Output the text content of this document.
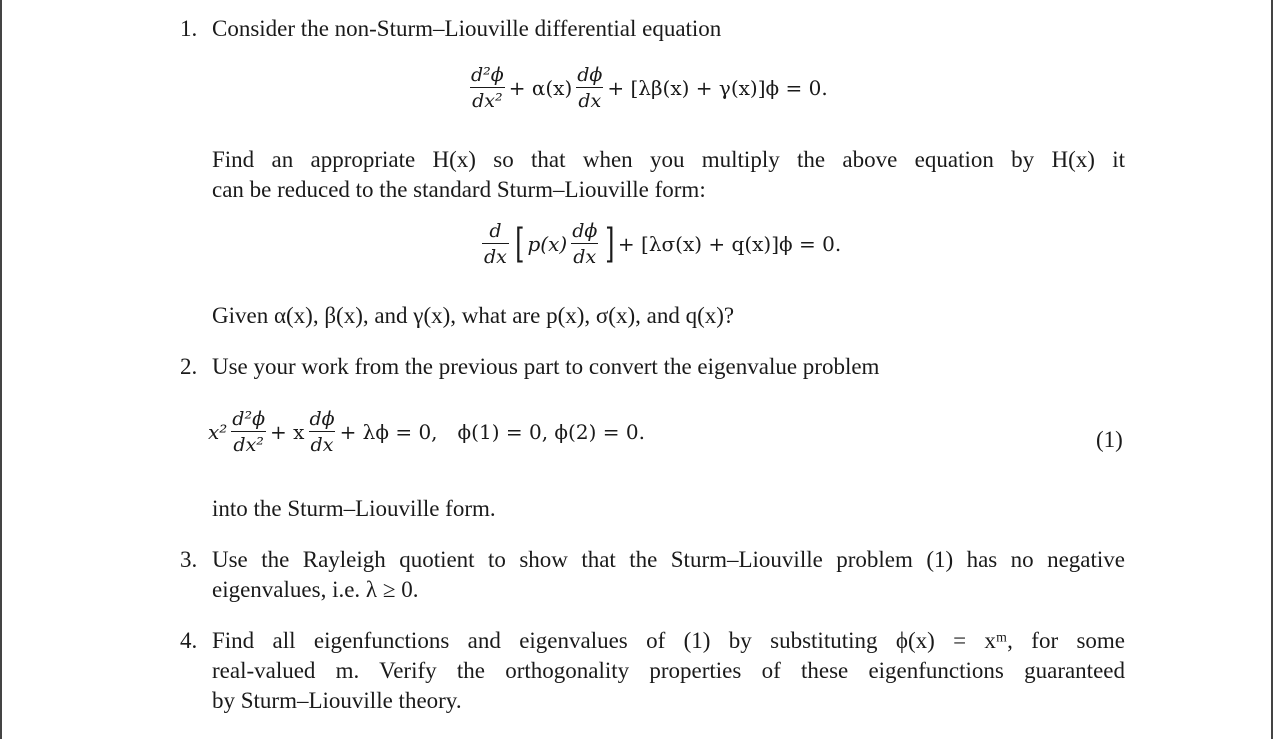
1. Consider the non-Sturm–Liouville differential equation
$\frac{\text{d²ϕ}}{\text{dx²}} + \alpha(x) \frac{d\phi}{dx} + [\lambda\beta(x) + \gamma(x)]\phi = 0$.
Find an appropriate H(x) so that when you multiply the above equation by H(x) it
can be reduced to the standard Sturm–Liouville form:
$\frac{d}{dx}$ [ $p(x) \frac{d\phi}{dx}$ ] + [λσ(x) + q(x)]ϕ = 0.
Given α(x), β(x), and γ(x), what are p(x), σ(x), and q(x)?
2. Use your work from the previous part to convert the eigenvalue problem
$x^2 \frac{\text{d²ϕ}}{\text{dx²}} + x \frac{d\phi}{dx} + \lambda\phi = 0$, ϕ(1) = 0, ϕ(2) = 0.	(1)
into the Sturm–Liouville form.
3. Use the Rayleigh quotient to show that the Sturm–Liouville problem (1) has no negative
eigenvalues, i.e. λ ≥ 0.
4. Find all eigenfunctions and eigenvalues of (1) by substituting ϕ(x) = xᵐ, for some
real-valued m. Verify the orthogonality properties of these eigenfunctions guaranteed
by Sturm–Liouville theory.
